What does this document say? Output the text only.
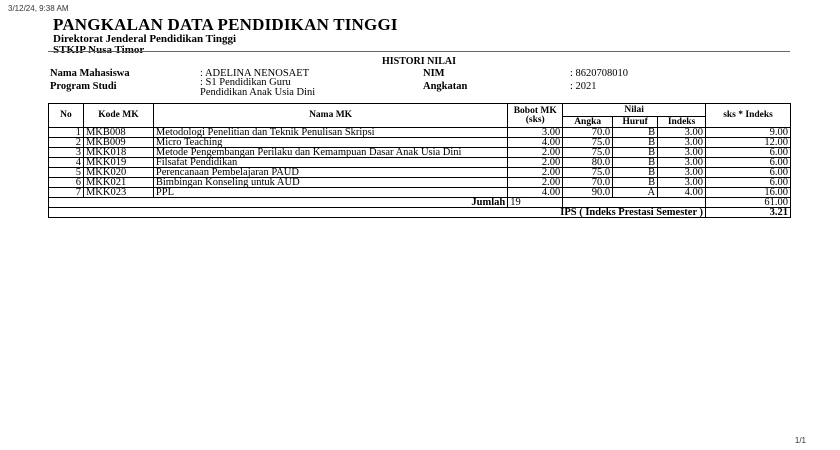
3/12/24, 9:38 AM
PANGKALAN DATA PENDIDIKAN TINGGI
Direktorat Jenderal Pendidikan Tinggi
STKIP Nusa Timor
HISTORI NILAI
Nama Mahasiswa	: ADELINA NENOSAET	NIM	: 8620708010
Program Studi	: S1 Pendidikan Guru
Pendidikan Anak Usia Dini
Angkatan	: 2021
No	Kode MK	Nama MK	Bobot MK (sks)	Nilai			sks * Indeks
				Angka	Huruf	Indeks	
1	MKB008	Metodologi Penelitian dan Teknik Penulisan Skripsi	3.00	70.0	B	3.00	9.00
2	MKB009	Micro Teaching	4.00	75.0	B	3.00	12.00
3	MKK018	Metode Pengembangan Perilaku dan Kemampuan Dasar Anak Usia Dini	2.00	75.0	B	3.00	6.00
4	MKK019	Filsafat Pendidikan	2.00	80.0	B	3.00	6.00
5	MKK020	Perencanaan Pembelajaran PAUD	2.00	75.0	B	3.00	6.00
6	MKK021	Bimbingan Konseling untuk AUD	2.00	70.0	B	3.00	6.00
7	MKK023	PPL	4.00	90.0	A	4.00	16.00
Jumlah			19				61.00
IPS ( Indeks Prestasi Semester )							3.21
1/1
